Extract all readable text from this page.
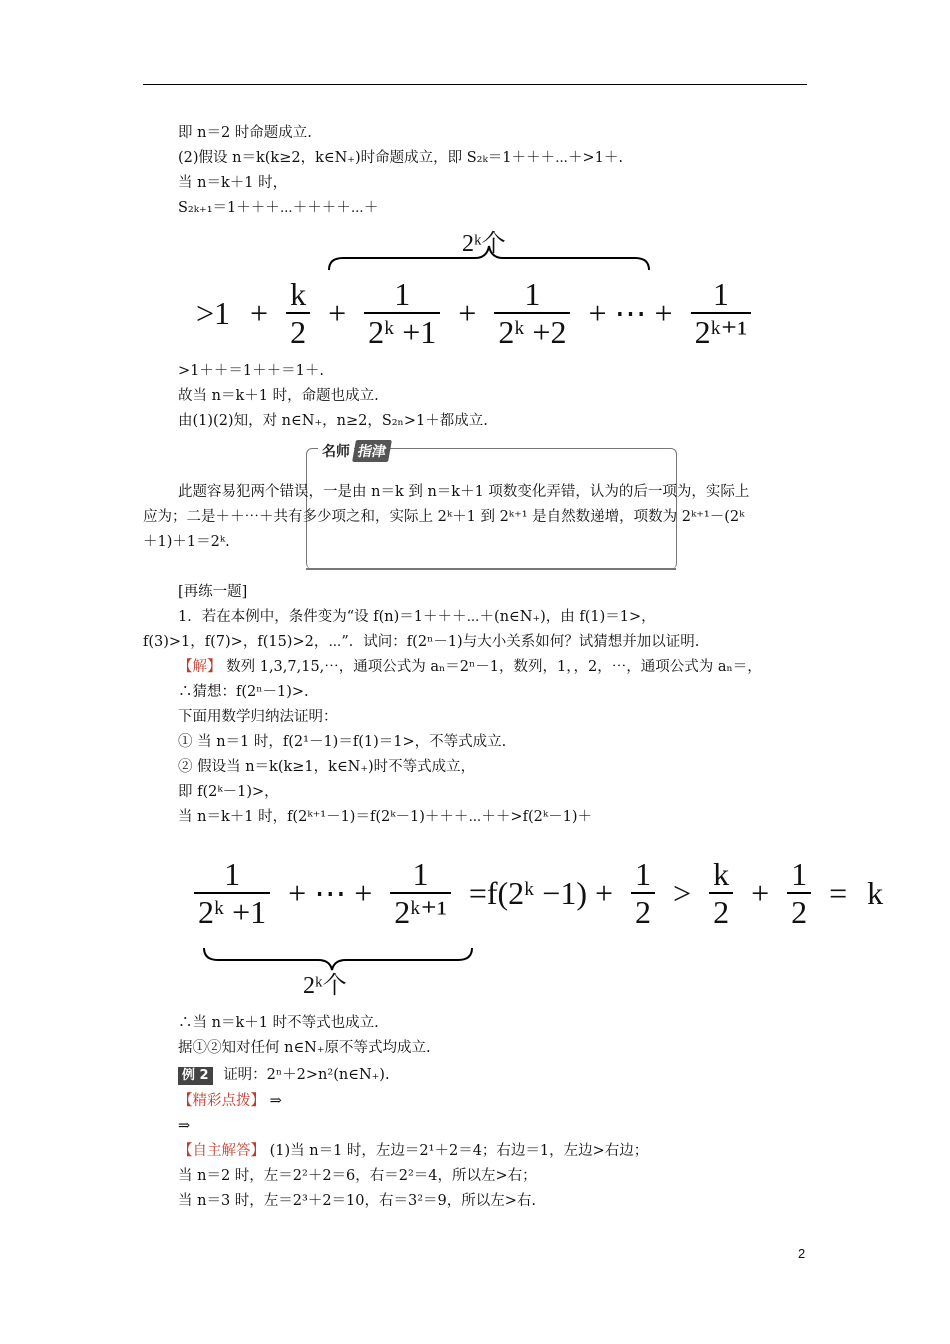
即 n＝2 时命题成立.
(2)假设 n＝k(k≥2，k∈N₊)时命题成立，即 S₂ₖ＝1＋＋＋⋯＋>1＋.
当 n＝k＋1 时，
S₂ₖ₊₁＝1＋＋＋⋯＋＋＋＋⋯＋
2ᵏ个
$>1 + \frac{k}{2} + \frac{1}{\text{2ᵏ +1}} + \frac{1}{\text{2ᵏ +2}}$ + ⋯ + $\frac{1}{\text{2ᵏ⁺¹}}$
>1＋＋＝1＋＋＝1＋.
故当 n＝k＋1 时，命题也成立.
由(1)(2)知，对 n∈N₊，n≥2，S₂ₙ>1＋都成立.
名师 指津
此题容易犯两个错误，一是由 n＝k 到 n＝k＋1 项数变化弄错，认为的后一项为，实际上
应为；二是＋＋⋯＋共有多少项之和，实际上 2ᵏ＋1 到 2ᵏ⁺¹ 是自然数递增，项数为 2ᵏ⁺¹－(2ᵏ
＋1)＋1＝2ᵏ.
[再练一题]
1．若在本例中，条件变为“设 f(n)＝1＋＋＋⋯＋(n∈N₊)，由 f(1)＝1>，
f(3)>1，f(7)>，f(15)>2，⋯”．试问：f(2ⁿ－1)与大小关系如何？试猜想并加以证明.
【解】 数列 1,3,7,15,⋯，通项公式为 aₙ＝2ⁿ－1，数列，1，，2，⋯，通项公式为 aₙ＝，
∴猜想：f(2ⁿ－1)>.
下面用数学归纳法证明：
① 当 n＝1 时，f(2¹－1)＝f(1)＝1>，不等式成立.
② 假设当 n＝k(k≥1，k∈N₊)时不等式成立，
即 f(2ᵏ－1)>，
当 n＝k＋1 时，f(2ᵏ⁺¹－1)＝f(2ᵏ－1)＋＋＋⋯＋＋>f(2ᵏ－1)＋
$\frac{1}{\text{2ᵏ +1}}$ + ⋯ + $\frac{1}{\text{2ᵏ⁺¹}}$ =f(2ᵏ $-1) + \frac{1}{2} > \frac{k}{2} + \frac{1}{2} = k$
2ᵏ个
∴当 n＝k＋1 时不等式也成立.
据①②知对任何 n∈N₊原不等式均成立.
例 2 证明：2ⁿ＋2>n²(n∈N₊).
【精彩点拨】 ⇒
⇒
【自主解答】 (1)当 n＝1 时，左边＝2¹＋2＝4；右边＝1，左边>右边；
当 n＝2 时，左＝2²＋2＝6，右＝2²＝4，所以左>右；
当 n＝3 时，左＝2³＋2＝10，右＝3²＝9，所以左>右.
2
